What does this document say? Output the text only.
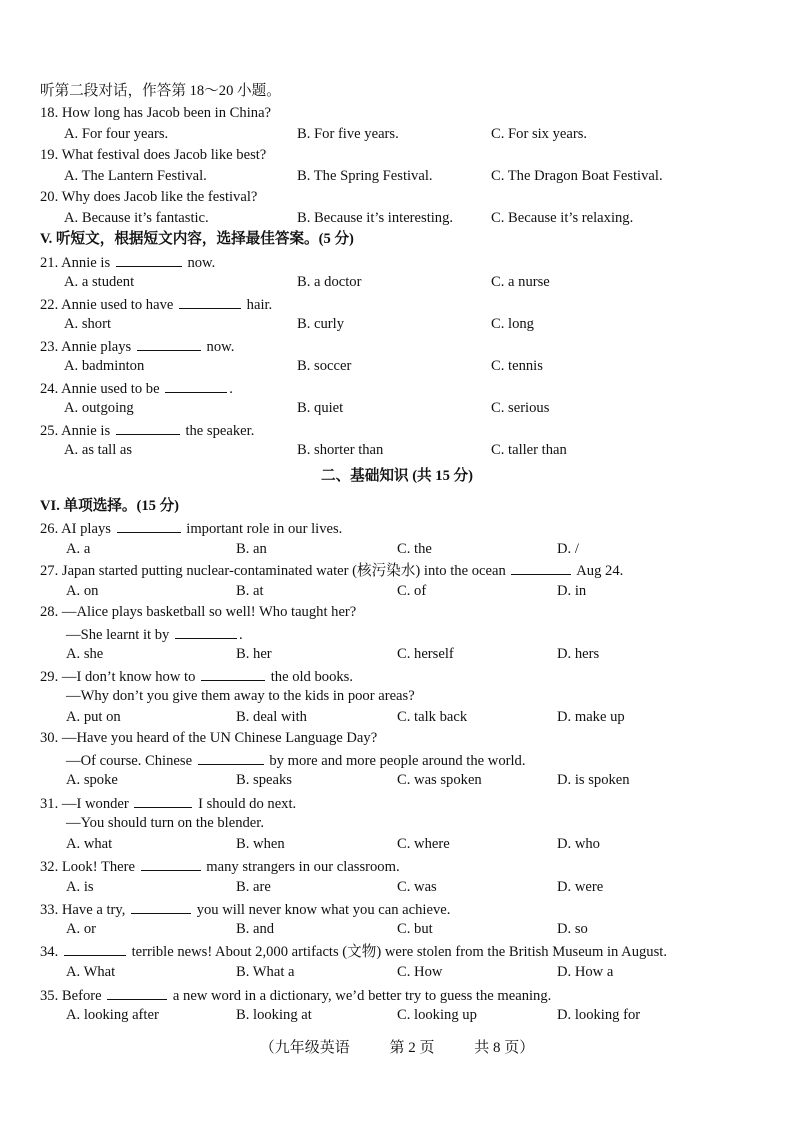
听第二段对话，作答第 18～20 小题。
18. How long has Jacob been in China?
A. For four years.	B. For five years.	C. For six years.
19. What festival does Jacob like best?
A. The Lantern Festival.	B. The Spring Festival.	C. The Dragon Boat Festival.
20. Why does Jacob like the festival?
A. Because it’s fantastic.	B. Because it’s interesting.	C. Because it’s relaxing.
V. 听短文，根据短文内容，选择最佳答案。(5 分)
21. Annie is	now.
A. a student	B. a doctor	C. a nurse
22. Annie used to have	hair.
A. short	B. curly	C. long
23. Annie plays	now.
A. badminton	B. soccer	C. tennis
24. Annie used to be	.
A. outgoing	B. quiet	C. serious
25. Annie is	the speaker.
A. as tall as	B. shorter than	C. taller than
二、基础知识 (共 15 分)
VI. 单项选择。(15 分)
26. AI plays	important role in our lives.
A. a	B. an	C. the	D. /
27. Japan started putting nuclear-contaminated water (核污染水) into the ocean	Aug 24.
A. on	B. at	C. of	D. in
28. —Alice plays basketball so well! Who taught her?
—She learnt it by	.
A. she	B. her	C. herself	D. hers
29. —I don’t know how to	the old books.
—Why don’t you give them away to the kids in poor areas?
A. put on	B. deal with	C. talk back	D. make up
30. —Have you heard of the UN Chinese Language Day?
—Of course. Chinese	by more and more people around the world.
A. spoke	B. speaks	C. was spoken	D. is spoken
31. —I wonder	I should do next.
—You should turn on the blender.
A. what	B. when	C. where	D. who
32. Look! There	many strangers in our classroom.
A. is	B. are	C. was	D. were
33. Have a try,	you will never know what you can achieve.
A. or	B. and	C. but	D. so
34.	terrible news! About 2,000 artifacts (文物) were stolen from the British Museum in August.
A. What	B. What a	C. How	D. How a
35. Before	a new word in a dictionary, we’d better try to guess the meaning.
A. looking after	B. looking at	C. looking up	D. looking for
（九年级英语	第 2 页	共 8 页）
